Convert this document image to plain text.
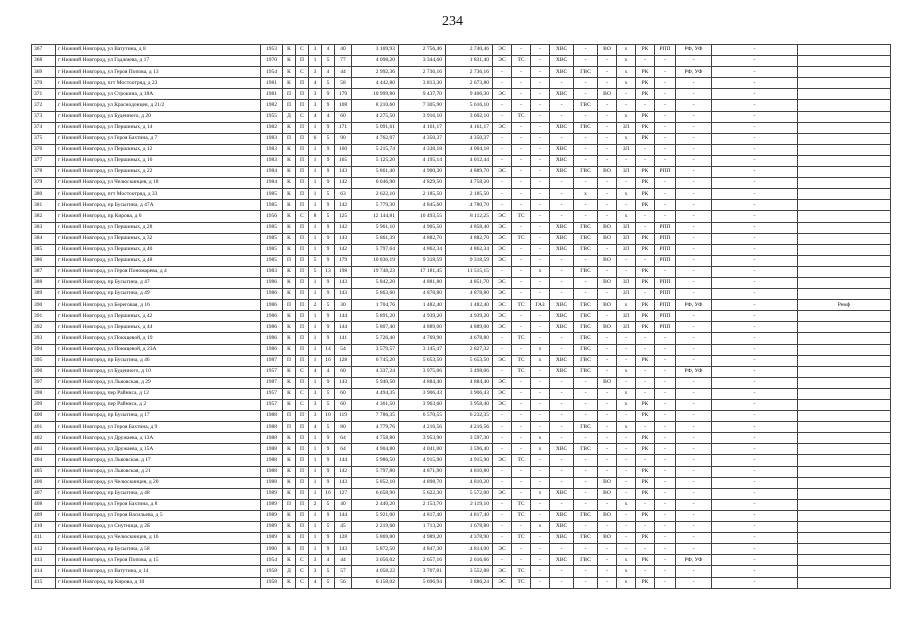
234
367	г Нижний Новгород, ул Ватутина, д 8	1953	К	С	3	4	40	3 169,93	2 756,46	2 740,46	ЭС	-	-	ХВС	-	ВО	х	РК	РПП	РФ, УФ	-	
368	г Нижний Новгород, ул Гаджиева, д 17	1970	К	П	1	5	77	4 098,20	3 344,60	1 831,40	ЭС	ТС	-	ХВС	-	-	х	-	-	-	-	
369	г Нижний Новгород, ул Героя Попова, д 13	1954	К	С	3	4	44	2 992,36	2 736,16	2 736,16	-	-	-	ХВС	ГВС	-	х	РК	-	РФ, УФ	-	
370	г Нижний Новгород, пгт Мостоотряд, д 23	1981	К	П	4	5	58	4 442,80	3 813,30	2 673,80	-	-	-	-	-	-	х	РК	-	-	-	
371	г Нижний Новгород, ул Строкина, д 18А	1981	П	П	3	9	179	10 999,80	9 437,70	9 406,30	ЭС	-	-	ХВС	-	ВО	-	РК	-	-	-	
372	г Нижний Новгород, ул Краснодонцев, д 21/2	1982	П	П	3	9	108	8 210,60	7 305,90	5 616,10	-	-	-	-	ГВС	-	-	-	-	-	-	
373	г Нижний Новгород, ул Буденного, д 20	1955	Д	С	4	4	60	4 275,50	3 916,10	3 602,10	-	ТС	-	-	-	-	х	РК	-	-	-	
374	г Нижний Новгород, ул Першиных, д 14	1982	К	П	1	9	171	5 091,61	4 161,17	4 161,17	ЭС	-	-	ХВС	ГВС	-	ЗЛ	РК	-	-	-	
375	г Нижний Новгород, ул Героя Бахтина, д 7	1983	П	П	6	5	90	4 762,07	4 350,37	4 350,37	-	-	-	-	-	-	х	РК	-	-	-	
376	г Нижний Новгород, ул Першиных, д 12	1983	К	П	1	9	160	5 215,74	4 338,18	4 004,18	-	-	-	ХВС	-	-	ЗЛ	-	-	-	-	
377	г Нижний Новгород, ул Першиных, д 16	1983	К	П	1	9	165	5 125,20	4 195,14	4 012,44	-	-	-	ХВС	-	-	-	-	-	-	-	
378	г Нижний Новгород, ул Першиных, д 22	1984	К	П	1	9	143	5 861,40	4 900,30	4 889,70	ЭС	-	-	ХВС	ГВС	ВО	ЗЛ	РК	РПП	-	-	
379	г Нижний Новгород, ул Челюскинцев, д 18	1984	К	П	1	9	142	6 046,90	4 829,50	4 758,20	-	-	-	-	-	-	-	РК	-	-	-	
380	г Нижний Новгород, пгт Мостоотряд, д 33	1985	К	П	1	5	63	2 622,10	2 185,50	2 185,50	-	-	-	-	х	-	х	РК	-	-	-	
381	г Нижний Новгород, пр Бусыгина, д 47А	1985	К	П	1	9	142	5 779,30	4 845,60	4 780,70	-	-	-	-	-	-	-	РК	-	-	-	
382	г Нижний Новгород, пр Кирова, д 6	1956	К	С	8	5	125	12 144,81	10 493,55	8 112,25	ЭС	ТС	-	-	-	-	х	-	-	-	-	
383	г Нижний Новгород, ул Першиных, д 28	1985	К	П	1	9	142	5 961,10	4 905,50	4 858,40	ЭС	-	-	ХВС	ГВС	ВО	ЗЛ	-	РПП	-	-	
384	г Нижний Новгород, ул Першиных, д 32	1985	К	П	1	9	143	5 861,39	4 882,70	4 882,70	ЭС	ТС	-	ХВС	ГВС	ВО	ЗЛ	РК	РПП	-	-	
385	г Нижний Новгород, ул Першиных, д 40	1985	К	П	1	9	142	5 797,64	4 862,34	4 862,34	ЭС	-	-	ХВС	ГВС	-	ЗЛ	РК	РПП	-	-	
386	г Нижний Новгород, ул Першиных, д 48	1985	П	П	5	9	179	10 836,19	9 318,59	9 318,59	ЭС	-	-	-	-	ВО	-	-	РПП	-	-	
387	г Нижний Новгород, ул Героя Пономарева, д 4	1983	К	П	5	13	198	19 748,23	17 181,45	11 515,15	-	-	х	-	ГВС	-	-	РК	-	-	-	
388	г Нижний Новгород, пр Бусыгина, д 47	1986	К	П	1	9	143	5 842,20	4 881,80	4 851,70	ЭС	-	-	-	-	ВО	ЗЛ	РК	РПП	-	-	
389	г Нижний Новгород, пр Бусыгина, д 49	1986	К	П	1	9	143	5 863,60	4 878,80	4 878,80	ЭС	-	-	-	-	-	ЗЛ	-	РПП	-	-	
390	г Нижний Новгород, ул Береговая, д 16	1986	П	П	2	5	30	1 704,76	1 482,40	1 482,40	ЭС	ТС	ГАЗ	ХВС	ГВС	ВО	х	РК	РПП	РФ, УФ	-	Ремф
391	г Нижний Новгород, ул Першиных, д 42	1986	К	П	1	9	144	5 891,20	4 939,20	4 939,20	ЭС	-	-	ХВС	ГВС	-	ЗЛ	РК	РПП	-	-	
392	г Нижний Новгород, ул Першиных, д 44	1986	К	П	1	9	144	5 807,40	4 889,00	4 889,00	ЭС	-	-	ХВС	ГВС	ВО	ЗЛ	РК	РПП	-	-	
393	г Нижний Новгород, ул Поющевой, д 19	1986	К	П	1	9	141	5 726,40	4 769,90	4 678,80	-	ТС	-	-	ГВС	-	-	-	-	-	-	
394	г Нижний Новгород, ул Поющевой, д 23А	1986	К	П	1	14	54	3 579,57	3 145,47	2 827,32	-	-	х	-	ГВС	-	-	-	-	-	-	
395	г Нижний Новгород, пр Бусыгина, д 46	1987	П	П	1	16	128	6 745,20	5 653,50	5 653,50	ЭС	ТС	х	ХВС	ГВС	-	-	РК	-	-	-	
396	г Нижний Новгород, ул Буденного, д 10	1957	К	С	4	4	60	4 337,24	3 975,06	3 498,06	-	ТС	-	ХВС	ГВС	-	х	-	-	РФ, УФ	-	
397	г Нижний Новгород, ул Львовская, д 29	1987	К	П	1	9	143	5 940,50	4 884,40	4 884,40	ЭС	-	-	-	-	ВО	-	-	-	-	-	
398	г Нижний Новгород, пер Райниса, д 12	1957	К	С	3	5	60	4 494,35	3 906,43	3 906,43	ЭС	-	-	-	-	-	х	-	-	-	-	
399	г Нижний Новгород, пер Райниса, д 2	1957	К	С	3	5	60	4 361,50	3 963,60	3 958,40	ЭС	-	-	-	-	-	х	РК	-	-	-	
400	г Нижний Новгород, пр Бусыгина, д 17	1988	П	П	3	10	119	7 786,35	6 570,55	6 232,35	-	-	-	-	-	-	-	РК	-	-	-	
401	г Нижний Новгород, ул Героя Бахтина, д 9	1988	П	П	4	5	80	4 779,76	4 216,56	4 216,56	-	-	-	-	ГВС	-	х	-	-	-	-	
402	г Нижний Новгород, ул Дружаева, д 13А	1988	К	П	1	9	64	4 758,80	3 953,90	3 597,30	-	-	х	-	-	-	-	РК	-	-	-	
403	г Нижний Новгород, ул Дружаева, д 15А	1988	К	П	1	9	64	4 904,80	4 041,00	3 596,40	-	-	х	ХВС	ГВС	-	-	РК	-	-	-	
404	г Нижний Новгород, ул Львовская, д 17	1988	К	П	1	9	144	5 986,50	4 915,90	4 915,90	ЭС	ТС	-	-	-	-	-	-	-	-	-	
405	г Нижний Новгород, ул Львовская, д 21	1988	К	П	1	9	142	5 797,80	4 871,90	4 810,80	-	-	-	-	-	-	-	РК	-	-	-	
406	г Нижний Новгород, ул Челюскинцев, д 20	1988	К	П	1	9	143	5 852,10	4 898,70	4 810,20	-	-	-	-	-	ВО	-	РК	-	-	-	
407	г Нижний Новгород, пр Бусыгина, д 48	1989	К	П	1	16	127	6 658,90	5 622,30	5 572,00	ЭС	-	х	ХВС	-	ВО	-	РК	-	-	-	
408	г Нижний Новгород, ул Героя Бахтина, д 8	1989	П	П	2	5	40	2 440,20	2 153,70	2 119,10	-	ТС	-	-	-	-	х	-	-	-	-	
409	г Нижний Новгород, ул Героя Васильева, д 5	1989	К	П	1	9	144	5 921,00	4 817,40	4 817,40	-	ТС	-	ХВС	ГВС	ВО	-	РК	-	-	-	
410	г Нижний Новгород, ул Снутница, д 2Б	1989	К	П	1	5	45	2 219,60	1 713,20	1 678,80	-	-	х	ХВС	-	-	-	-	-	-	-	
411	г Нижний Новгород, ул Челюскинцев, д 16	1989	К	П	1	9	128	5 869,80	4 989,20	4 378,90	-	ТС	-	ХВС	ГВС	ВО	-	РК	-	-	-	
412	г Нижний Новгород, пр Бусыгина, д 58	1990	К	П	1	9	143	5 872,50	4 847,30	4 814,00	ЭС	-	-	-	-	-	-	-	-	-	-	
413	г Нижний Новгород, ул Героя Попова, д 15	1954	К	С	3	4	44	3 056,02	2 657,16	2 616,66	-	-	-	ХВС	ГВС	-	х	РК	-	РФ, УФ	-	
414	г Нижний Новгород, ул Ватутина, д 14	1958	Д	С	3	5	57	4 058,22	3 707,81	3 552,88	ЭС	ТС	-	-	-	-	х	-	-	-	-	
415	г Нижний Новгород, пр Кирова, д 10	1958	К	С	4	5	56	6 158,02	5 696,94	3 886,24	ЭС	ТС	-	-	-	-	х	РК	-	-	-	
